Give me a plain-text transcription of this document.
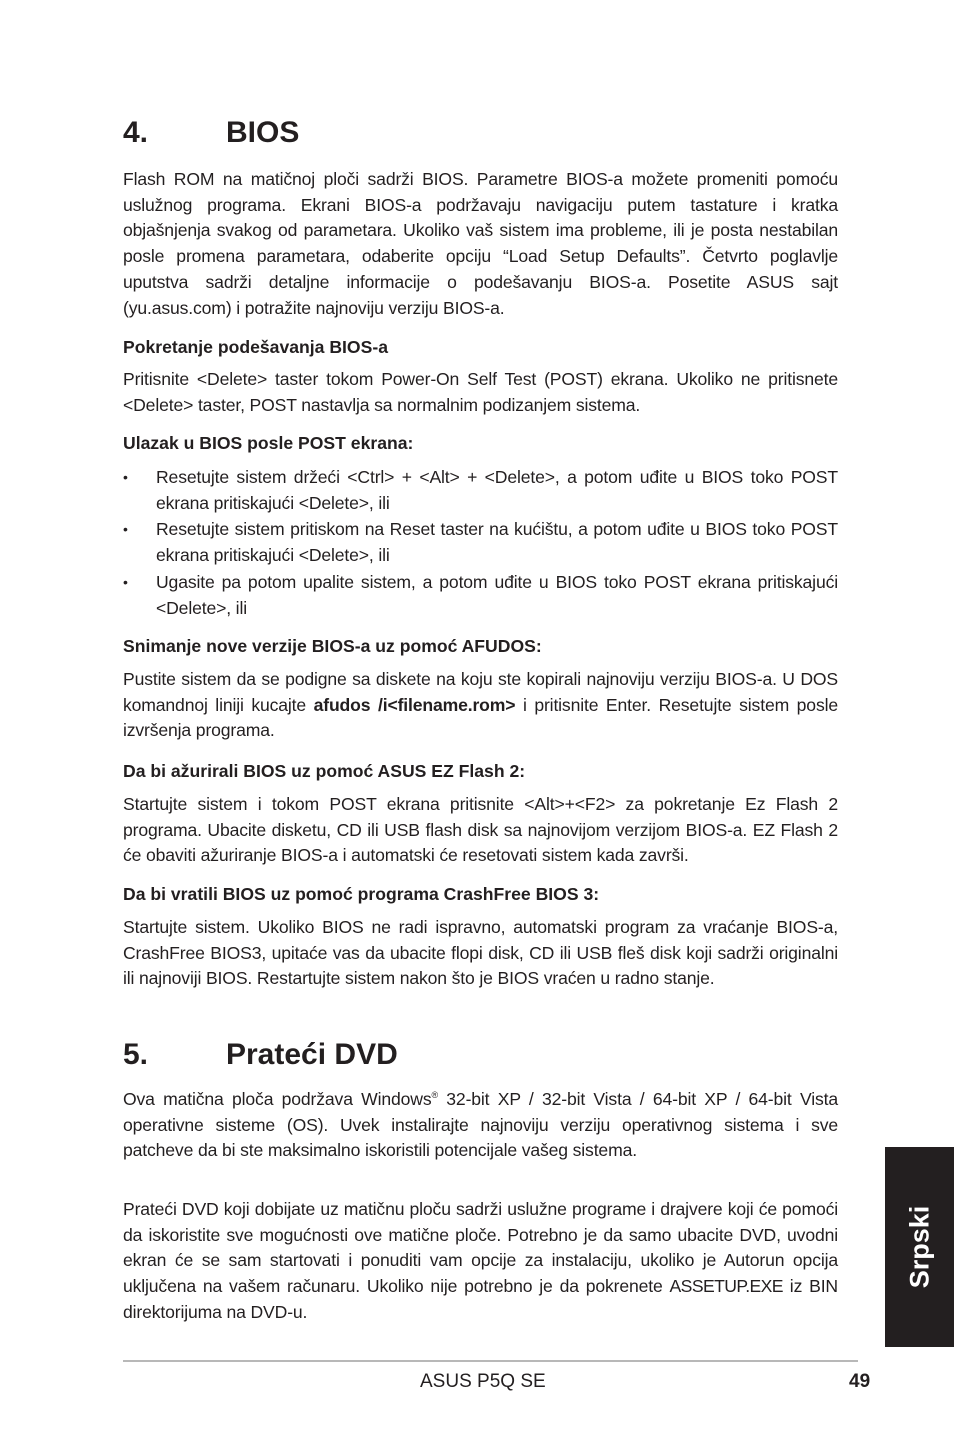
4.	BIOS

Flash ROM na matičnoj ploči sadrži BIOS. Parametre BIOS-a možete promeniti pomoću uslužnog programa. Ekrani BIOS-a podržavaju navigaciju putem tastature i kratka objašnjenja svakog od parametara. Ukoliko vaš sistem ima probleme, ili je posta nestabilan posle promena parametara, odaberite opciju “Load Setup Defaults”. Četvrto poglavlje uputstva sadrži detaljne informacije o podešavanju BIOS-a. Posetite ASUS sajt (yu.asus.com) i potražite najnoviju verziju BIOS-a.

Pokretanje podešavanja BIOS-a

Pritisnite <Delete> taster tokom Power-On Self Test (POST) ekrana. Ukoliko ne pritisnete <Delete> taster, POST nastavlja sa normalnim podizanjem sistema.

Ulazak u BIOS posle POST ekrana:
• Resetujte sistem držeći <Ctrl> + <Alt> + <Delete>, a potom uđite u BIOS toko POST ekrana pritiskajući <Delete>, ili
• Resetujte sistem pritiskom na Reset taster na kućištu, a potom uđite u BIOS toko POST ekrana pritiskajući <Delete>, ili
• Ugasite pa potom upalite sistem, a potom uđite u BIOS toko POST ekrana pritiskajući <Delete>, ili
Snimanje nove verzije BIOS-a uz pomoć AFUDOS:

Pustite sistem da se podigne sa diskete na koju ste kopirali najnoviju verziju BIOS-a. U DOS komandnoj liniji kucajte afudos /i<filename.rom> i pritisnite Enter. Resetujte sistem posle izvršenja programa.

Da bi ažurirali BIOS uz pomoć ASUS EZ Flash 2:

Startujte sistem i tokom POST ekrana pritisnite <Alt>+<F2> za pokretanje Ez Flash 2 programa. Ubacite disketu, CD ili USB flash disk sa najnovijom verzijom BIOS-a. EZ Flash 2 će obaviti ažuriranje BIOS-a i automatski će resetovati sistem kada završi.

Da bi vratili BIOS uz pomoć programa CrashFree BIOS 3:

Startujte sistem. Ukoliko BIOS ne radi ispravno, automatski program za vraćanje BIOS-a, CrashFree BIOS3, upitaće vas da ubacite flopi disk, CD ili USB fleš disk koji sadrži originalni ili najnoviji BIOS. Restartujte sistem nakon što je BIOS vraćen u radno stanje.

5.	Prateći DVD

Ova matična ploča podržava Windows® 32-bit XP / 32-bit Vista / 64-bit XP / 64-bit Vista operativne sisteme (OS). Uvek instalirajte najnoviju verziju operativnog sistema i sve patcheve da bi ste maksimalno iskoristili potencijale vašeg sistema.

Prateći DVD koji dobijate uz matičnu ploču sadrži uslužne programe i drajvere koji će pomoći da iskoristite sve mogućnosti ove matične ploče. Potrebno je da samo ubacite DVD, uvodni ekran će se sam startovati i ponuditi vam opcije za instalaciju, ukoliko je Autorun opcija uključena na vašem računaru. Ukoliko nije potrebno je da pokrenete ASSETUP.EXE iz BIN direktorijuma na DVD-u.

Srpski
ASUS P5Q SE	49
